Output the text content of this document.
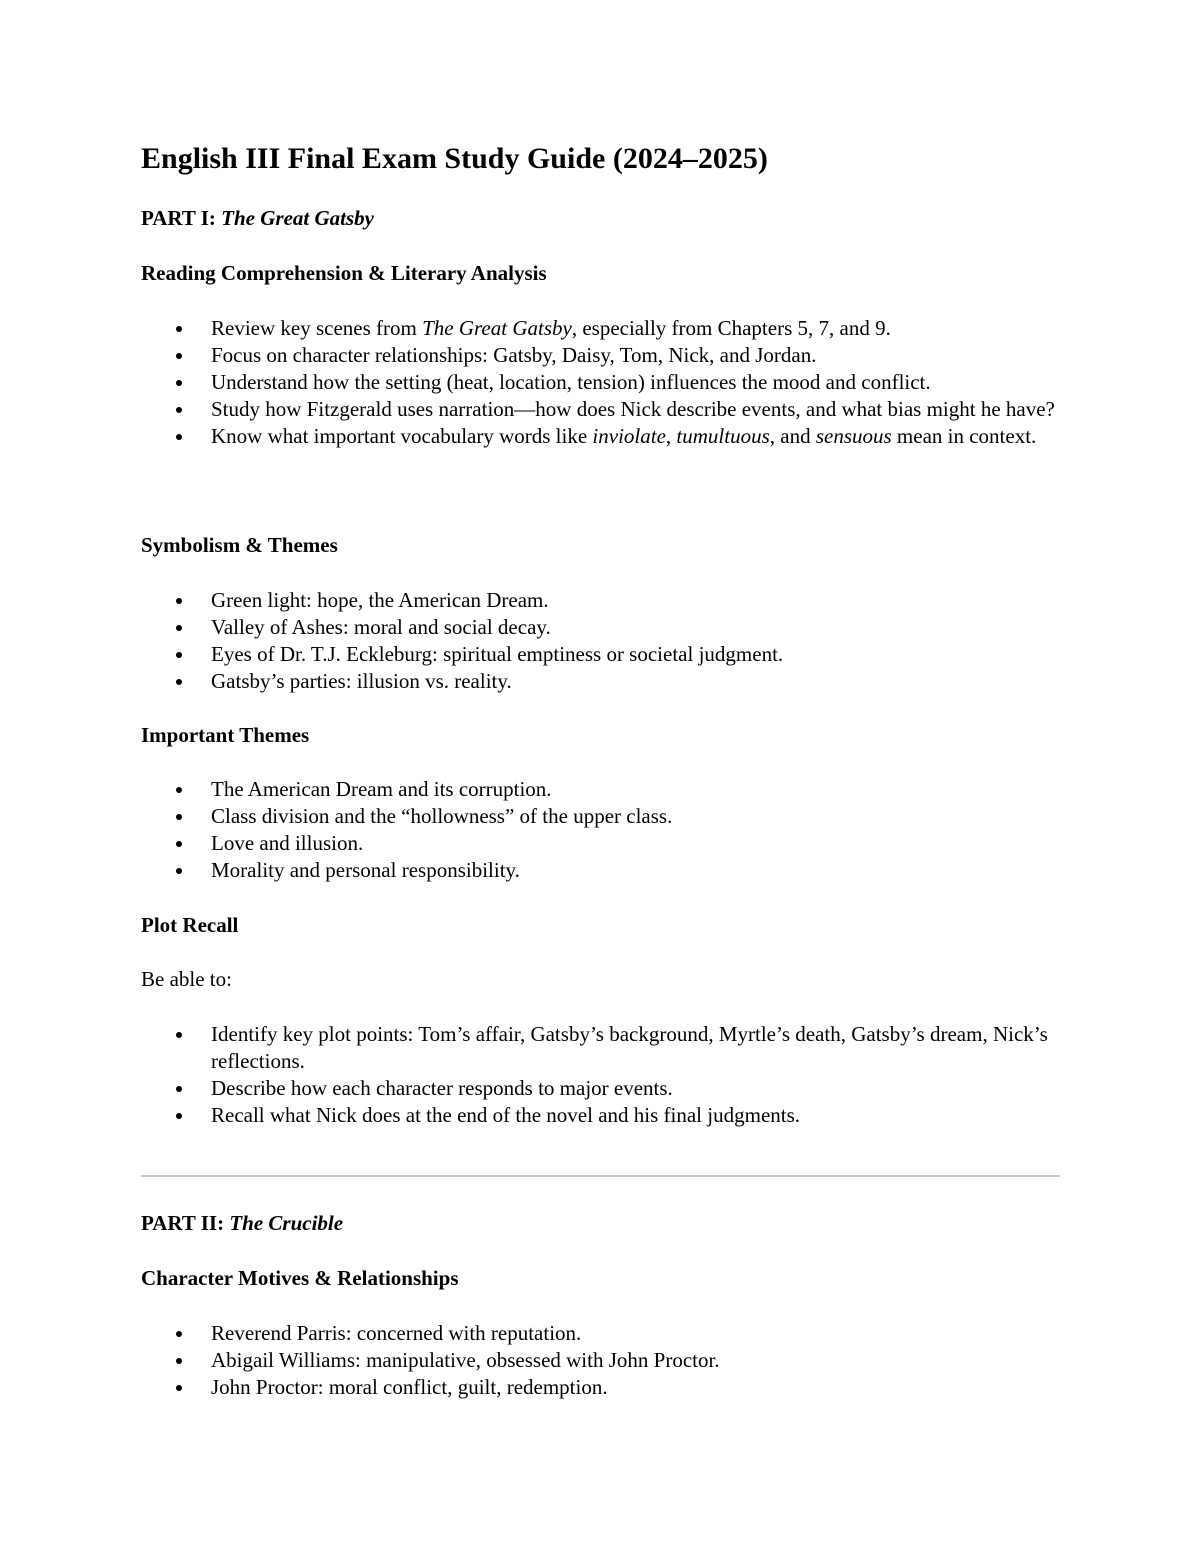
English III Final Exam Study Guide (2024–2025)
PART I: The Great Gatsby
Reading Comprehension & Literary Analysis
Review key scenes from The Great Gatsby, especially from Chapters 5, 7, and 9.
Focus on character relationships: Gatsby, Daisy, Tom, Nick, and Jordan.
Understand how the setting (heat, location, tension) influences the mood and conflict.
Study how Fitzgerald uses narration—how does Nick describe events, and what bias might he have?
Know what important vocabulary words like inviolate, tumultuous, and sensuous mean in context.
Symbolism & Themes
Green light: hope, the American Dream.
Valley of Ashes: moral and social decay.
Eyes of Dr. T.J. Eckleburg: spiritual emptiness or societal judgment.
Gatsby’s parties: illusion vs. reality.
Important Themes
The American Dream and its corruption.
Class division and the “hollowness” of the upper class.
Love and illusion.
Morality and personal responsibility.
Plot Recall
Be able to:
Identify key plot points: Tom’s affair, Gatsby’s background, Myrtle’s death, Gatsby’s dream, Nick’s reflections.
Describe how each character responds to major events.
Recall what Nick does at the end of the novel and his final judgments.
PART II: The Crucible
Character Motives & Relationships
Reverend Parris: concerned with reputation.
Abigail Williams: manipulative, obsessed with John Proctor.
John Proctor: moral conflict, guilt, redemption.
